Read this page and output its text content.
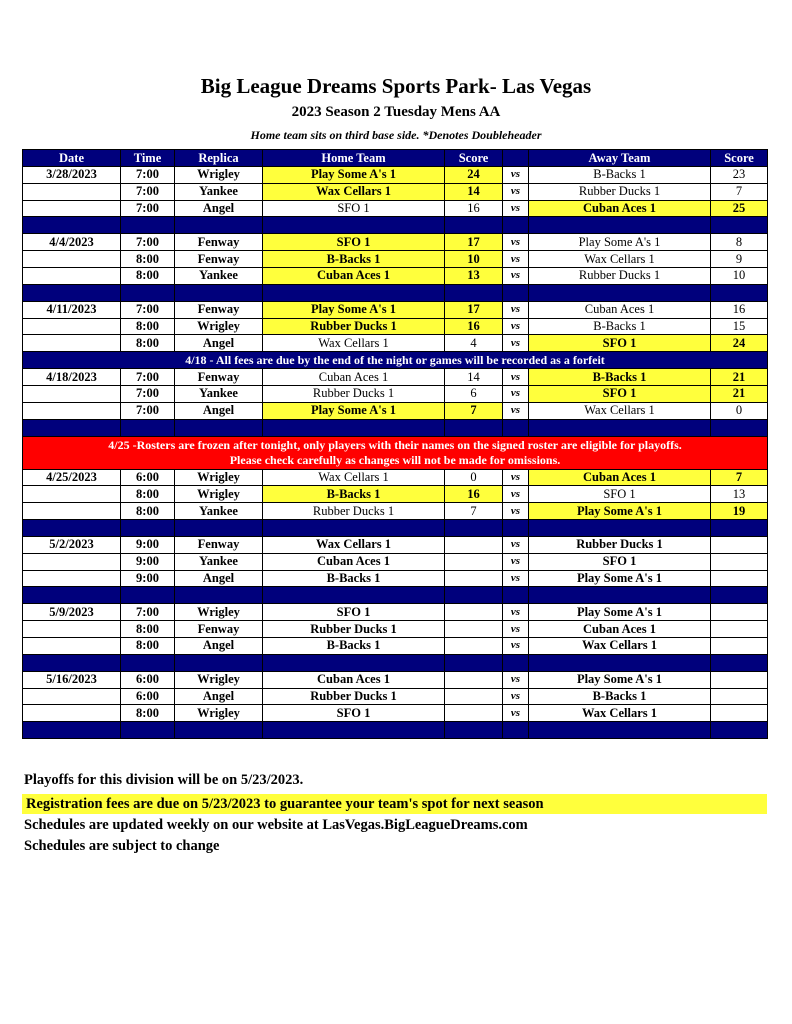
Big League Dreams Sports Park- Las Vegas
2023 Season 2 Tuesday Mens AA
Home team sits on third base side. *Denotes Doubleheader
Date	Time	Replica	Home Team	Score		Away Team	Score
3/28/2023	7:00	Wrigley	Play Some A's 1	24	vs	B-Backs 1	23
	7:00	Yankee	Wax Cellars 1	14	vs	Rubber Ducks 1	7
	7:00	Angel	SFO 1	16	vs	Cuban Aces 1	25

4/4/2023	7:00	Fenway	SFO 1	17	vs	Play Some A's 1	8
	8:00	Fenway	B-Backs 1	10	vs	Wax Cellars 1	9
	8:00	Yankee	Cuban Aces 1	13	vs	Rubber Ducks 1	10

4/11/2023	7:00	Fenway	Play Some A's 1	17	vs	Cuban Aces 1	16
	8:00	Wrigley	Rubber Ducks 1	16	vs	B-Backs 1	15
	8:00	Angel	Wax Cellars 1	4	vs	SFO 1	24
4/18 - All fees are due by the end of the night or games will be recorded as a forfeit							
4/18/2023	7:00	Fenway	Cuban Aces 1	14	vs	B-Backs 1	21
	7:00	Yankee	Rubber Ducks 1	6	vs	SFO 1	21
	7:00	Angel	Play Some A's 1	7	vs	Wax Cellars 1	0

4/25 -Rosters are frozen after tonight, only players with their names on the signed roster are eligible for playoffs.
Please check carefully as changes will not be made for omissions.							

4/25/2023	6:00	Wrigley	Wax Cellars 1	0	vs	Cuban Aces 1	7
	8:00	Wrigley	B-Backs 1	16	vs	SFO 1	13
	8:00	Yankee	Rubber Ducks 1	7	vs	Play Some A's 1	19

5/2/2023	9:00	Fenway	Wax Cellars 1		vs	Rubber Ducks 1	
	9:00	Yankee	Cuban Aces 1		vs	SFO 1	
	9:00	Angel	B-Backs 1		vs	Play Some A's 1	

5/9/2023	7:00	Wrigley	SFO 1		vs	Play Some A's 1	
	8:00	Fenway	Rubber Ducks 1		vs	Cuban Aces 1	
	8:00	Angel	B-Backs 1		vs	Wax Cellars 1	

5/16/2023	6:00	Wrigley	Cuban Aces 1		vs	Play Some A's 1	
	6:00	Angel	Rubber Ducks 1		vs	B-Backs 1	
	8:00	Wrigley	SFO 1		vs	Wax Cellars 1	

Playoffs for this division will be on 5/23/2023.
Registration fees are due on 5/23/2023 to guarantee your team's spot for next season
Schedules are updated weekly on our website at LasVegas.BigLeagueDreams.com
Schedules are subject to change
